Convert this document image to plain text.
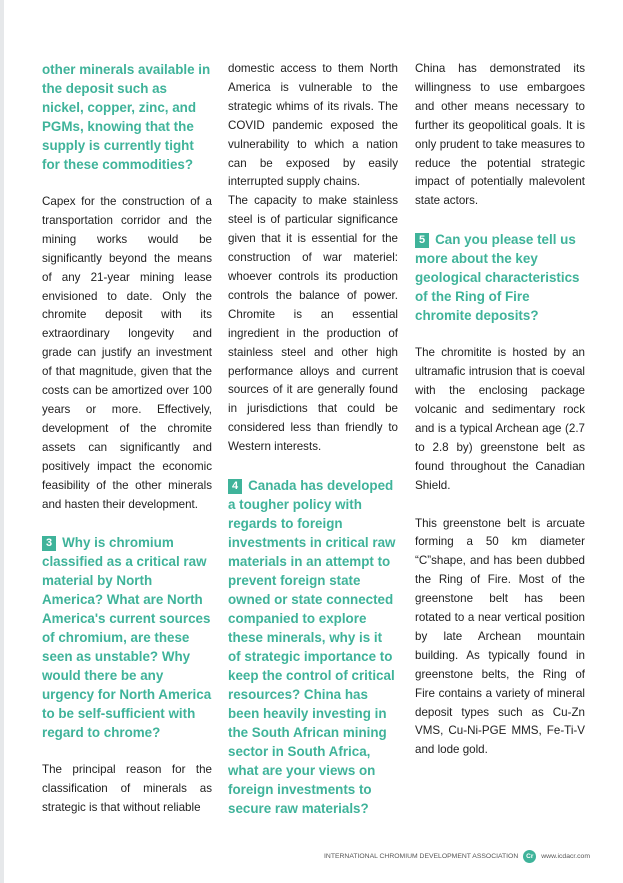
other minerals available in the deposit such as nickel, copper, zinc, and PGMs, knowing that the supply is currently tight for these commodities?

Capex for the construction of a transportation corridor and the mining works would be significantly beyond the means of any 21-year mining lease envisioned to date. Only the chromite deposit with its extraordinary longevity and grade can justify an investment of that magnitude, given that the costs can be amortized over 100 years or more. Effectively, development of the chromite assets can significantly and positively impact the economic feasibility of the other minerals and hasten their development.

3 Why is chromium classified as a critical raw material by North America? What are North America's current sources of chromium, are these seen as unstable? Why would there be any urgency for North America to be self-sufficient with regard to chrome?

The principal reason for the classification of minerals as strategic is that without reliable

domestic access to them North America is vulnerable to the strategic whims of its rivals. The COVID pandemic exposed the vulnerability to which a nation can be exposed by easily interrupted supply chains.

The capacity to make stainless steel is of particular significance given that it is essential for the construction of war materiel: whoever controls its production controls the balance of power. Chromite is an essential ingredient in the production of stainless steel and other high performance alloys and current sources of it are generally found in jurisdictions that could be considered less than friendly to Western interests.

4 Canada has developed a tougher policy with regards to foreign investments in critical raw materials in an attempt to prevent foreign state owned or state connected companied to explore these minerals, why is it of strategic importance to keep the control of critical resources? China has been heavily investing in the South African mining sector in South Africa, what are your views on foreign investments to secure raw materials?

China has demonstrated its willingness to use embargoes and other means necessary to further its geopolitical goals. It is only prudent to take measures to reduce the potential strategic impact of potentially malevolent state actors.

5 Can you please tell us more about the key geological characteristics of the Ring of Fire chromite deposits?

The chromitite is hosted by an ultramafic intrusion that is coeval with the enclosing package volcanic and sedimentary rock and is a typical Archean age (2.7 to 2.8 by) greenstone belt as found throughout the Canadian Shield.

This greenstone belt is arcuate forming a 50 km diameter “C”shape, and has been dubbed the Ring of Fire. Most of the greenstone belt has been rotated to a near vertical position by late Archean mountain building. As typically found in greenstone belts, the Ring of Fire contains a variety of mineral deposit types such as Cu-Zn VMS, Cu-Ni-PGE MMS, Fe-Ti-V and lode gold.

INTERNATIONAL CHROMIUM DEVELOPMENT ASSOCIATION	Cr	www.icdacr.com
